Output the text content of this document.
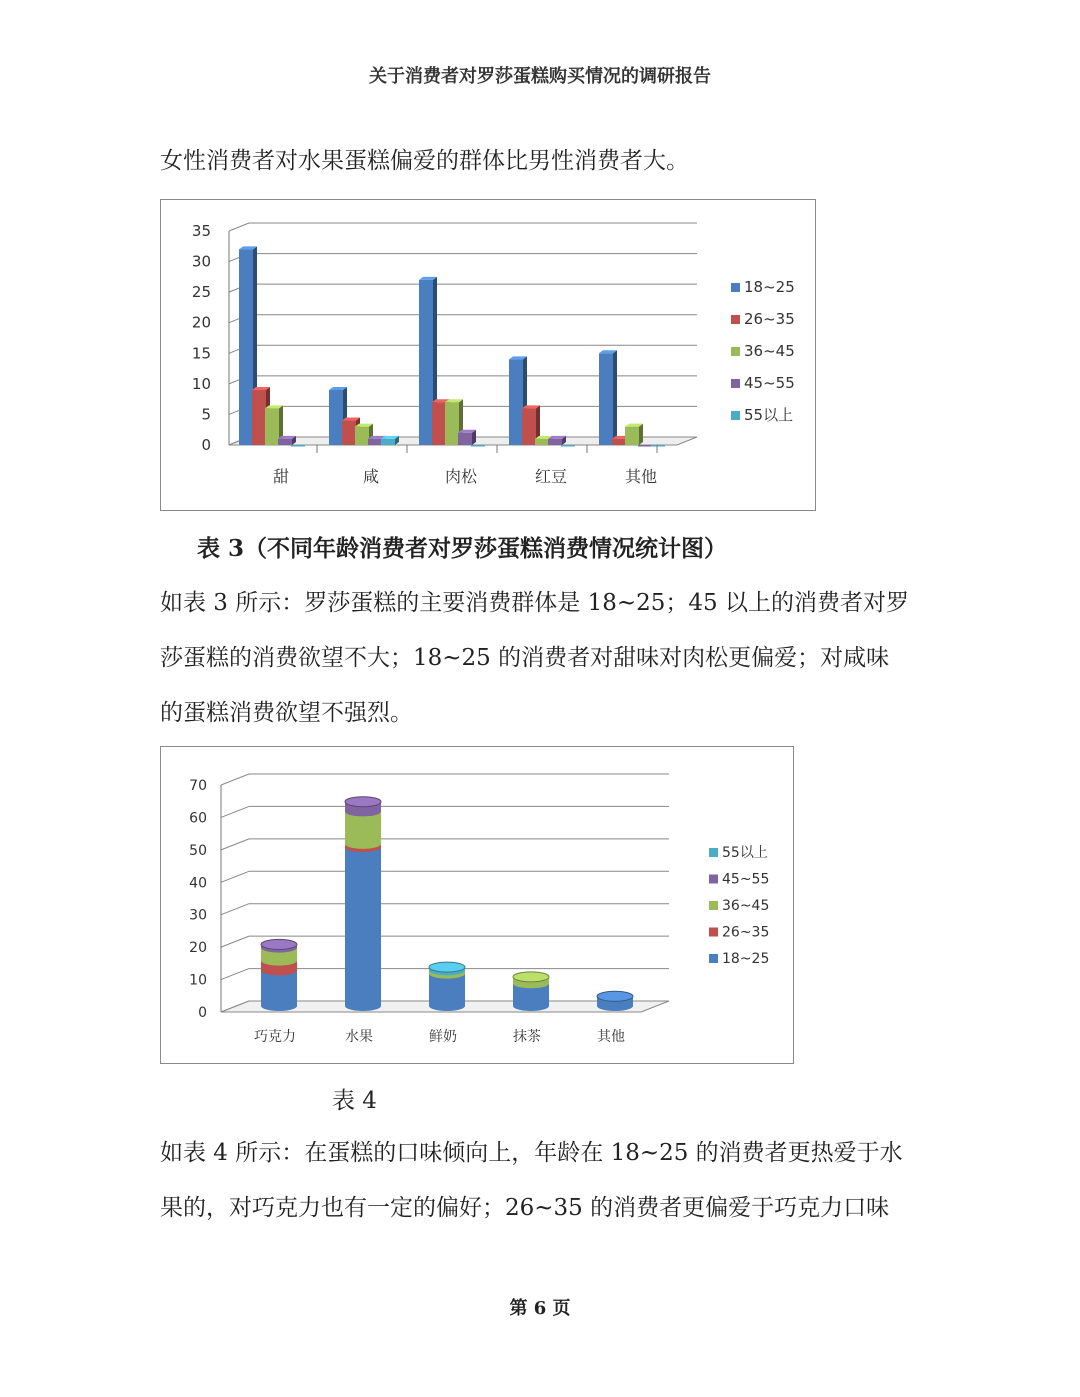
关于消费者对罗莎蛋糕购买情况的调研报告
女性消费者对水果蛋糕偏爱的群体比男性消费者大。
0
5
10
15
20
25
30
35
甜	咸	肉松	红豆	其他
18~25
26~35
36~45
45~55
55以上
表 3（不同年龄消费者对罗莎蛋糕消费情况统计图）
如表 3 所示：罗莎蛋糕的主要消费群体是 18~25；45 以上的消费者对罗
莎蛋糕的消费欲望不大；18~25 的消费者对甜味对肉松更偏爱；对咸味
的蛋糕消费欲望不强烈。
0
10
20
30
40
50
60
70
巧克力	水果	鲜奶	抹茶	其他
55以上
45~55
36~45
26~35
18~25
表 4
如表 4 所示：在蛋糕的口味倾向上，年龄在 18~25 的消费者更热爱于水
果的，对巧克力也有一定的偏好；26~35 的消费者更偏爱于巧克力口味
第 6 页
